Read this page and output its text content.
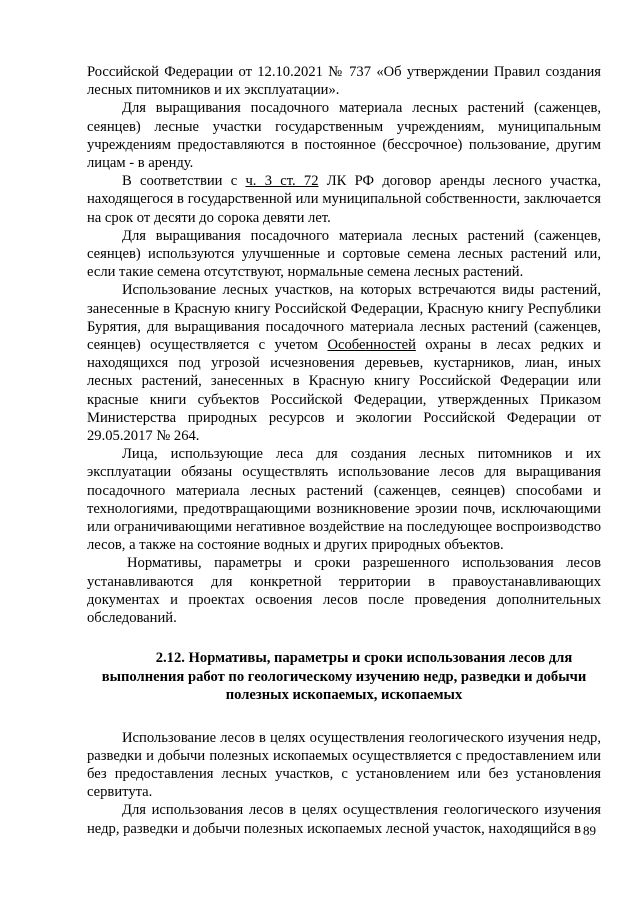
Российской Федерации от 12.10.2021 № 737 «Об утверждении Правил создания лесных питомников и их эксплуатации».

Для выращивания посадочного материала лесных растений (саженцев, сеянцев) лесные участки государственным учреждениям, муниципальным учреждениям предоставляются в постоянное (бессрочное) пользование, другим лицам - в аренду.

В соответствии с ч. 3 ст. 72 ЛК РФ договор аренды лесного участка, находящегося в государственной или муниципальной собственности, заключается на срок от десяти до сорока девяти лет.

Для выращивания посадочного материала лесных растений (саженцев, сеянцев) используются улучшенные и сортовые семена лесных растений или, если такие семена отсутствуют, нормальные семена лесных растений.

Использование лесных участков, на которых встречаются виды растений, занесенные в Красную книгу Российской Федерации, Красную книгу Республики Бурятия, для выращивания посадочного материала лесных растений (саженцев, сеянцев) осуществляется с учетом Особенностей охраны в лесах редких и находящихся под угрозой исчезновения деревьев, кустарников, лиан, иных лесных растений, занесенных в Красную книгу Российской Федерации или красные книги субъектов Российской Федерации, утвержденных Приказом Министерства природных ресурсов и экологии Российской Федерации от 29.05.2017 № 264.

Лица, использующие леса для создания лесных питомников и их эксплуатации обязаны осуществлять использование лесов для выращивания посадочного материала лесных растений (саженцев, сеянцев) способами и технологиями, предотвращающими возникновение эрозии почв, исключающими или ограничивающими негативное воздействие на последующее воспроизводство лесов, а также на состояние водных и других природных объектов.

Нормативы, параметры и сроки разрешенного использования лесов устанавливаются для конкретной территории в правоустанавливающих документах и проектах освоения лесов после проведения дополнительных обследований.

2.12. Нормативы, параметры и сроки использования лесов для
выполнения работ по геологическому изучению недр, разведки и добычи полезных ископаемых, ископаемых

Использование лесов в целях осуществления геологического изучения недр, разведки и добычи полезных ископаемых осуществляется с предоставлением или без предоставления лесных участков, с установлением или без установления сервитута.

Для использования лесов в целях осуществления геологического изучения недр, разведки и добычи полезных ископаемых лесной участок, находящийся в 89
